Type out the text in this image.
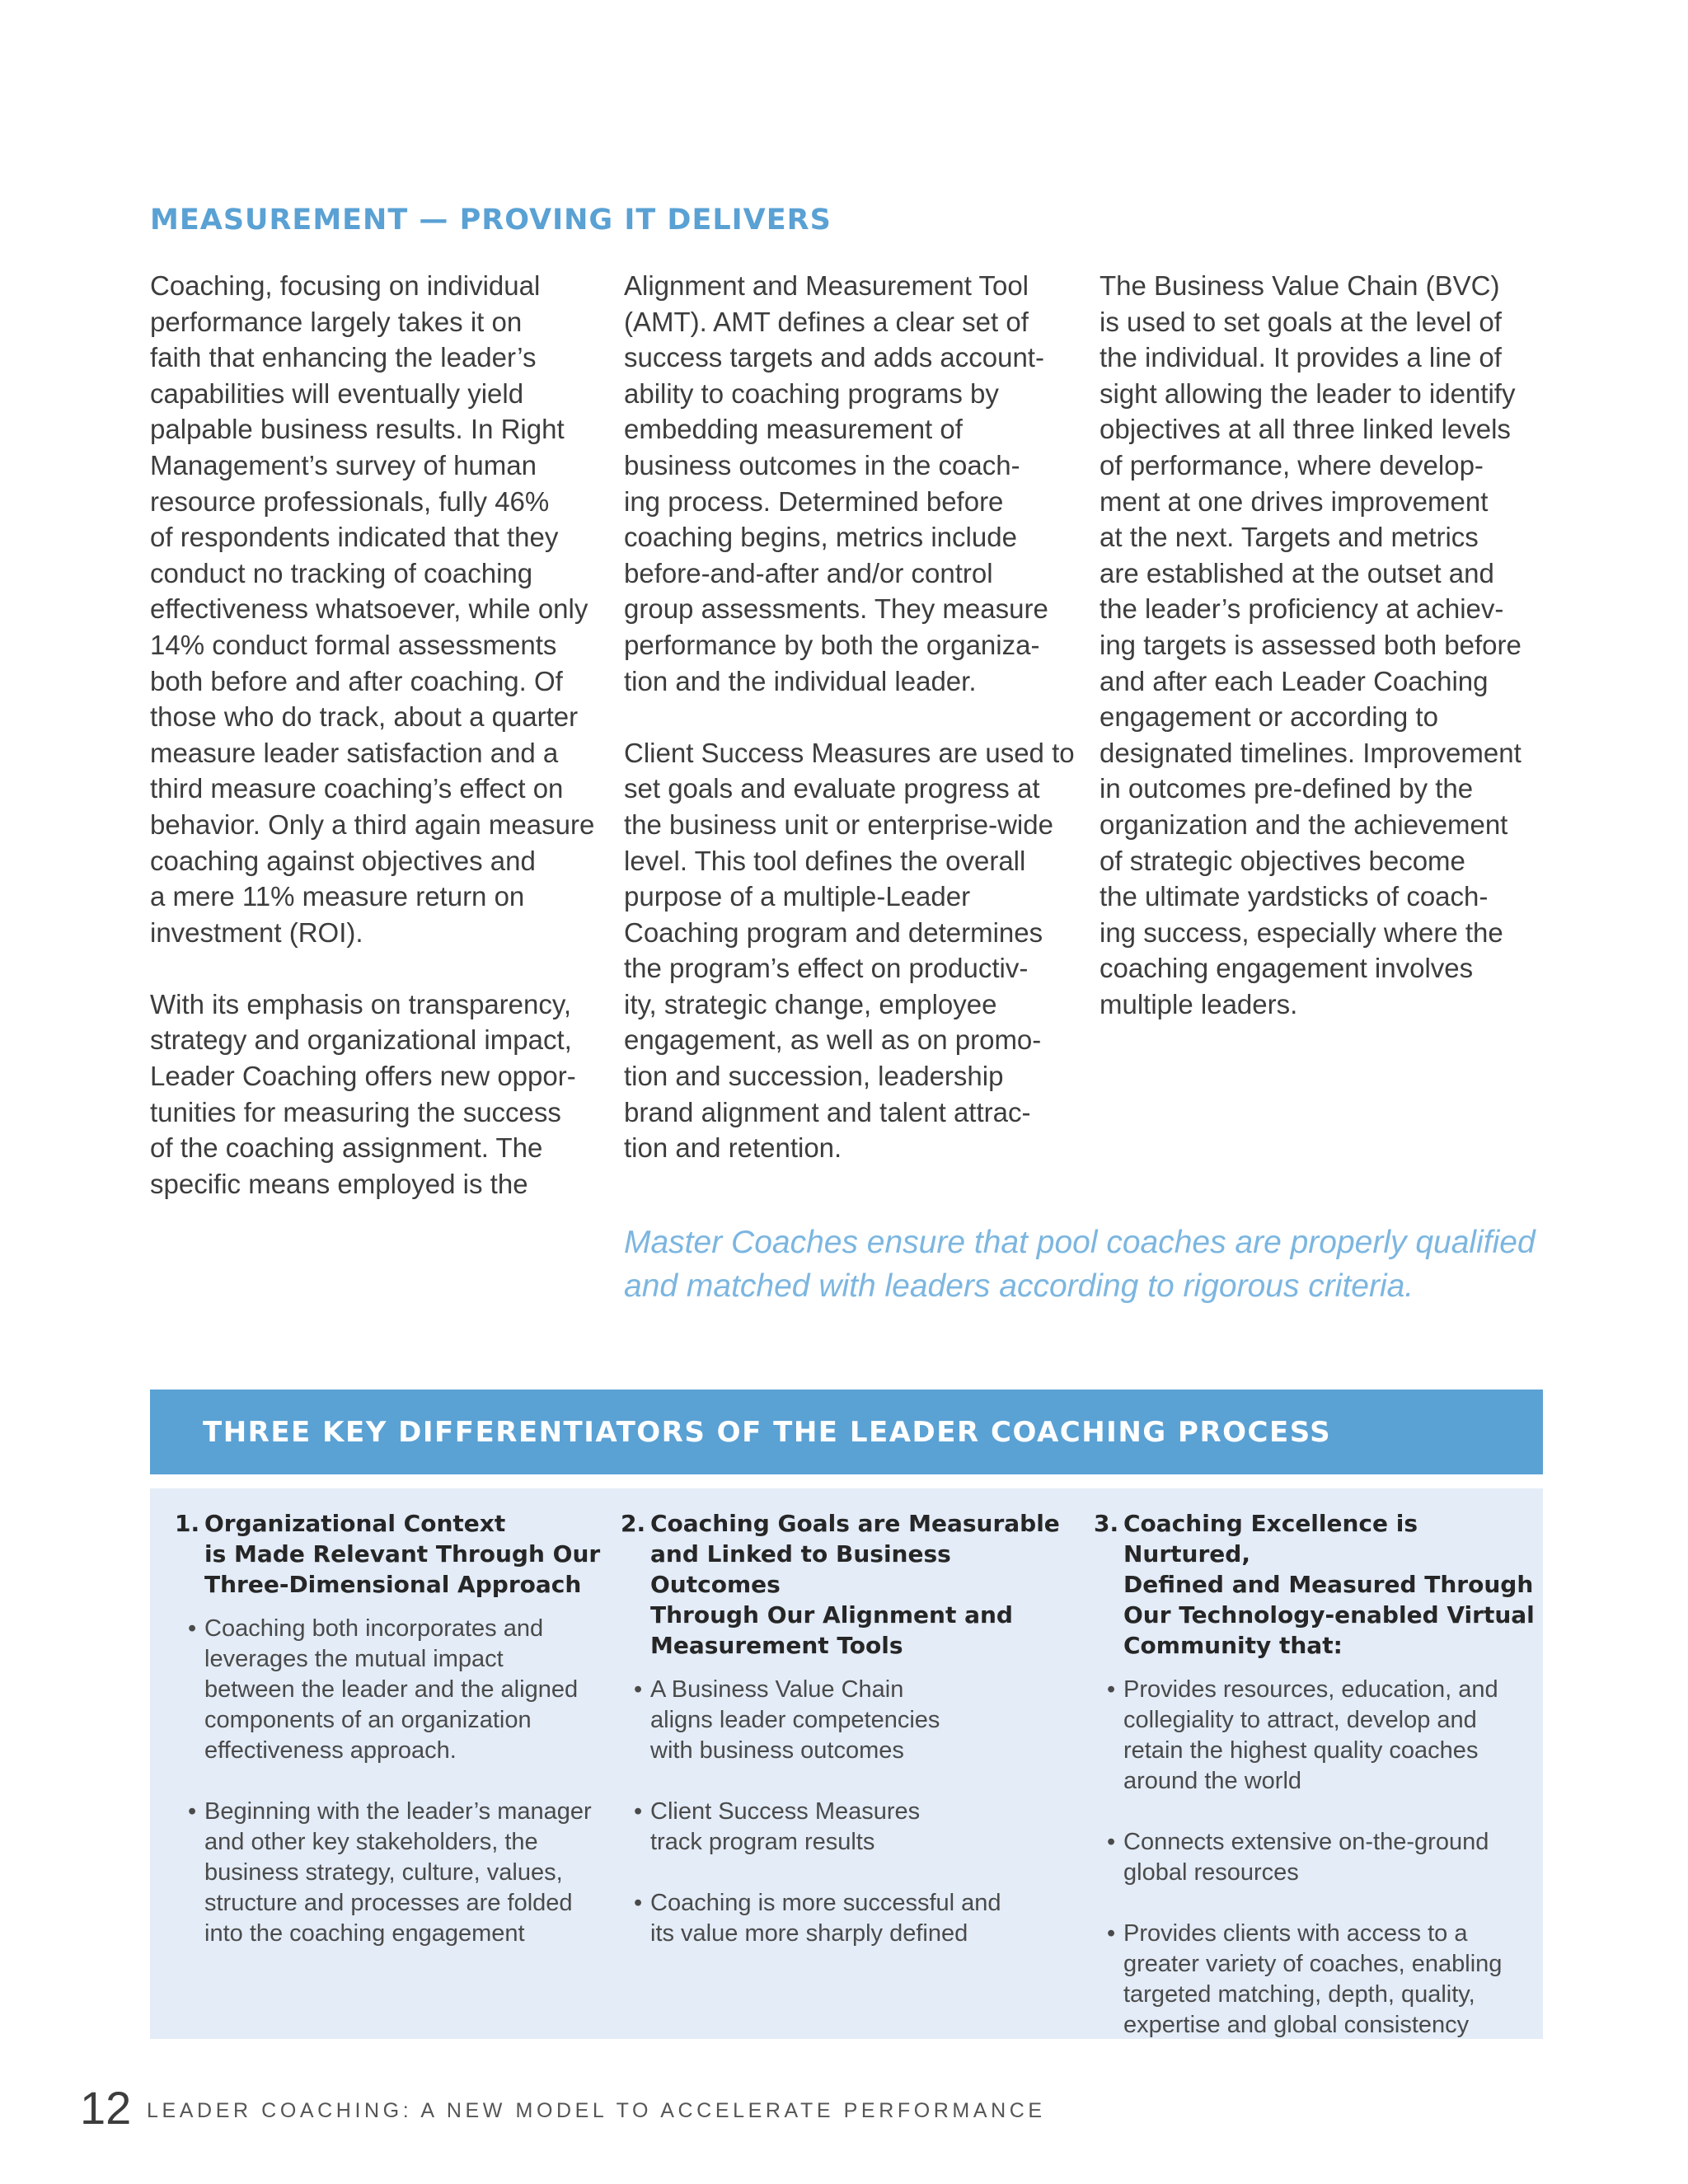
MEASUREMENT — PROVING IT DELIVERS

Coaching, focusing on individual
performance largely takes it on
faith that enhancing the leader’s
capabilities will eventually yield
palpable business results. In Right
Management’s survey of human
resource professionals, fully 46%
of respondents indicated that they
conduct no tracking of coaching
effectiveness whatsoever, while only
14% conduct formal assessments
both before and after coaching. Of
those who do track, about a quarter
measure leader satisfaction and a
third measure coaching’s effect on
behavior. Only a third again measure
coaching against objectives and
a mere 11% measure return on
investment (ROI).

With its emphasis on transparency,
strategy and organizational impact,
Leader Coaching offers new oppor-
tunities for measuring the success
of the coaching assignment. The
specific means employed is the

Alignment and Measurement Tool
(AMT). AMT defines a clear set of
success targets and adds account-
ability to coaching programs by
embedding measurement of
business outcomes in the coach-
ing process. Determined before
coaching begins, metrics include
before-and-after and/or control
group assessments. They measure
performance by both the organiza-
tion and the individual leader.

Client Success Measures are used to
set goals and evaluate progress at
the business unit or enterprise-wide
level. This tool defines the overall
purpose of a multiple-Leader
Coaching program and determines
the program’s effect on productiv-
ity, strategic change, employee
engagement, as well as on promo-
tion and succession, leadership
brand alignment and talent attrac-
tion and retention.

The Business Value Chain (BVC)
is used to set goals at the level of
the individual. It provides a line of
sight allowing the leader to identify
objectives at all three linked levels
of performance, where develop-
ment at one drives improvement
at the next. Targets and metrics
are established at the outset and
the leader’s proficiency at achiev-
ing targets is assessed both before
and after each Leader Coaching
engagement or according to
designated timelines. Improvement
in outcomes pre-defined by the
organization and the achievement
of strategic objectives become
the ultimate yardsticks of coach-
ing success, especially where the
coaching engagement involves
multiple leaders.

Master Coaches ensure that pool coaches are properly qualified
and matched with leaders according to rigorous criteria.
THREE KEY DIFFERENTIATORS OF THE LEADER COACHING PROCESS
1. Organizational Context
is Made Relevant Through Our
Three-Dimensional Approach
• Coaching both incorporates and
leverages the mutual impact
between the leader and the aligned
components of an organization
effectiveness approach.
• Beginning with the leader’s manager
and other key stakeholders, the
business strategy, culture, values,
structure and processes are folded
into the coaching engagement
2. Coaching Goals are Measurable
and Linked to Business Outcomes
Through Our Alignment and
Measurement Tools
• A Business Value Chain
aligns leader competencies
with business outcomes
• Client Success Measures
track program results
• Coaching is more successful and
its value more sharply defined
3. Coaching Excellence is Nurtured,
Defined and Measured Through
Our Technology-enabled Virtual
Community that:
• Provides resources, education, and
collegiality to attract, develop and
retain the highest quality coaches
around the world
• Connects extensive on-the-ground
global resources
• Provides clients with access to a
greater variety of coaches, enabling
targeted matching, depth, quality,
expertise and global consistency
12 LEADER COACHING: A NEW MODEL TO ACCELERATE PERFORMANCE
